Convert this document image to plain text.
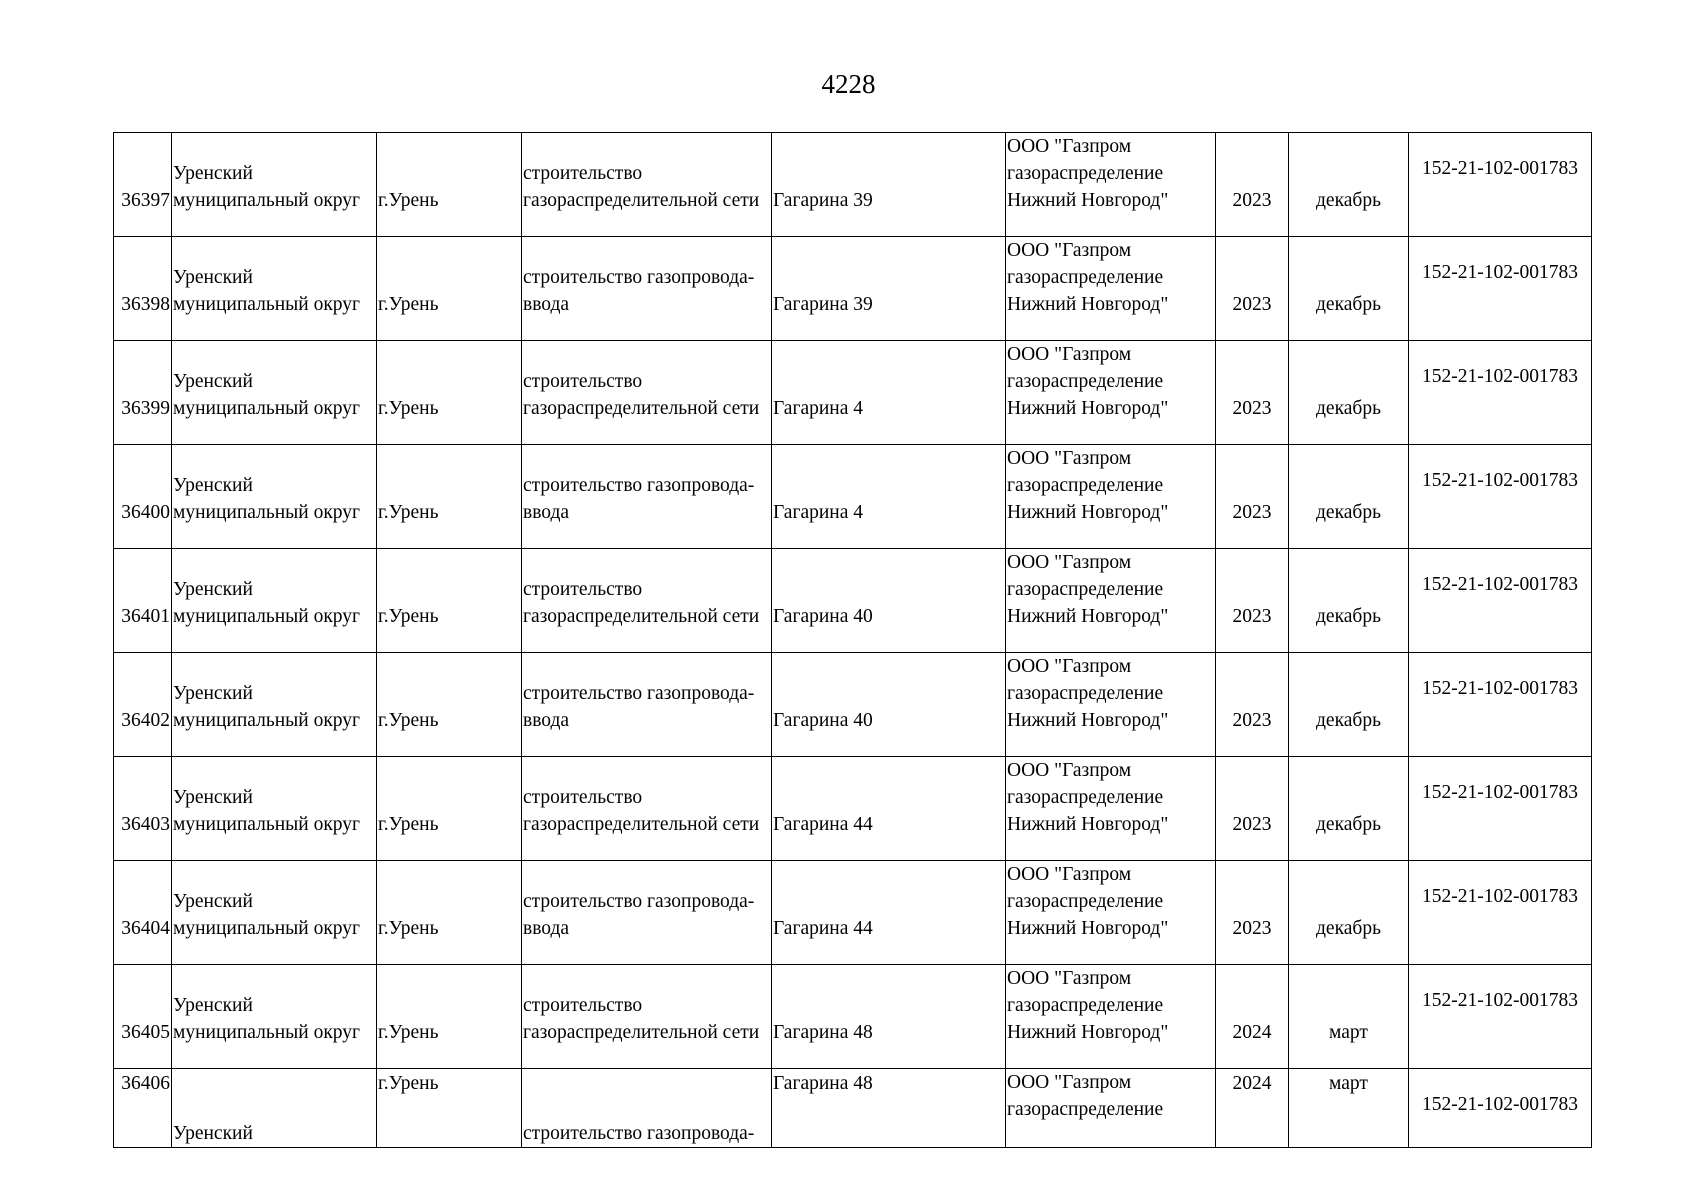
4228
36397	Уренский
муниципальный округ	г.Урень	строительство
газораспределительной сети	Гагарина 39	ООО "Газпром
газораспределение
Нижний Новгород"	2023	декабрь	152-21-102-001783
36398	Уренский
муниципальный округ	г.Урень	строительство газопровода-
ввода	Гагарина 39	ООО "Газпром
газораспределение
Нижний Новгород"	2023	декабрь	152-21-102-001783
36399	Уренский
муниципальный округ	г.Урень	строительство
газораспределительной сети	Гагарина 4	ООО "Газпром
газораспределение
Нижний Новгород"	2023	декабрь	152-21-102-001783
36400	Уренский
муниципальный округ	г.Урень	строительство газопровода-
ввода	Гагарина 4	ООО "Газпром
газораспределение
Нижний Новгород"	2023	декабрь	152-21-102-001783
36401	Уренский
муниципальный округ	г.Урень	строительство
газораспределительной сети	Гагарина 40	ООО "Газпром
газораспределение
Нижний Новгород"	2023	декабрь	152-21-102-001783
36402	Уренский
муниципальный округ	г.Урень	строительство газопровода-
ввода	Гагарина 40	ООО "Газпром
газораспределение
Нижний Новгород"	2023	декабрь	152-21-102-001783
36403	Уренский
муниципальный округ	г.Урень	строительство
газораспределительной сети	Гагарина 44	ООО "Газпром
газораспределение
Нижний Новгород"	2023	декабрь	152-21-102-001783
36404	Уренский
муниципальный округ	г.Урень	строительство газопровода-
ввода	Гагарина 44	ООО "Газпром
газораспределение
Нижний Новгород"	2023	декабрь	152-21-102-001783
36405	Уренский
муниципальный округ	г.Урень	строительство
газораспределительной сети	Гагарина 48	ООО "Газпром
газораспределение
Нижний Новгород"	2024	март	152-21-102-001783
36406	Уренский	г.Урень	строительство газопровода-	Гагарина 48	ООО "Газпром
газораспределение	2024	март	152-21-102-001783
